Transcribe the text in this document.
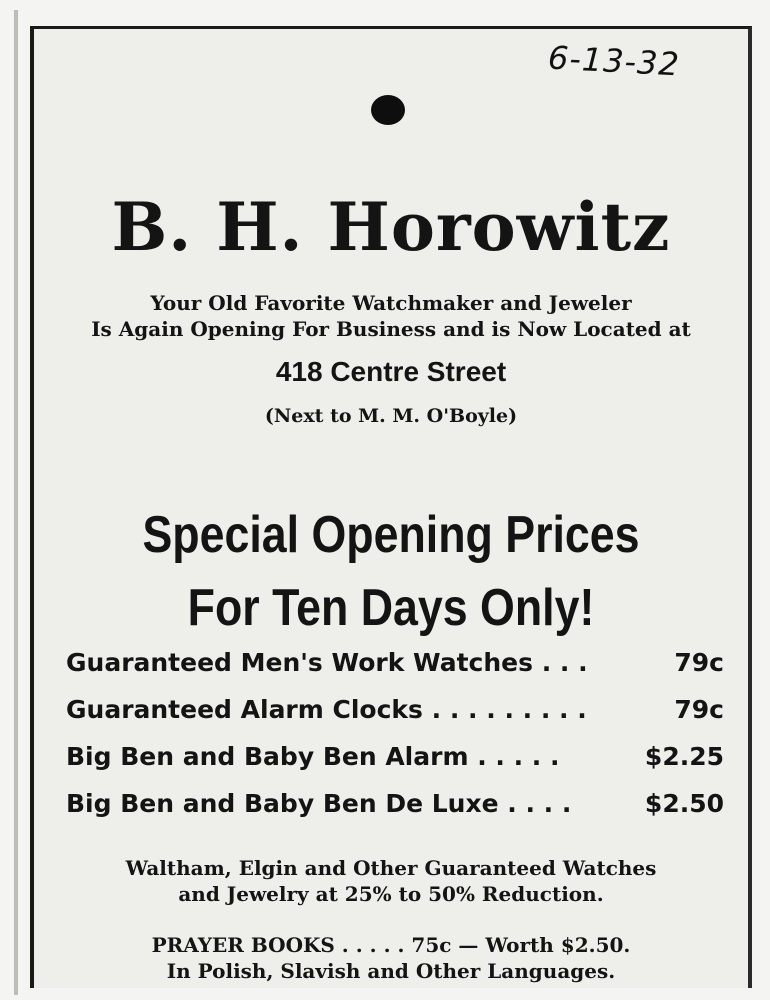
6-13-32
B. H. Horowitz
Your Old Favorite Watchmaker and Jeweler
Is Again Opening For Business and is Now Located at
418 Centre Street
(Next to M. M. O'Boyle)
Special Opening Prices
For Ten Days Only!
Guaranteed Men's Work Watches . . .	79c
Guaranteed Alarm Clocks . . . . . . . . .	79c
Big Ben and Baby Ben Alarm . . . . .	$2.25
Big Ben and Baby Ben De Luxe . . . .	$2.50
Waltham, Elgin and Other Guaranteed Watches
and Jewelry at 25% to 50% Reduction.
PRAYER BOOKS . . . . . 75c — Worth $2.50.
In Polish, Slavish and Other Languages.
